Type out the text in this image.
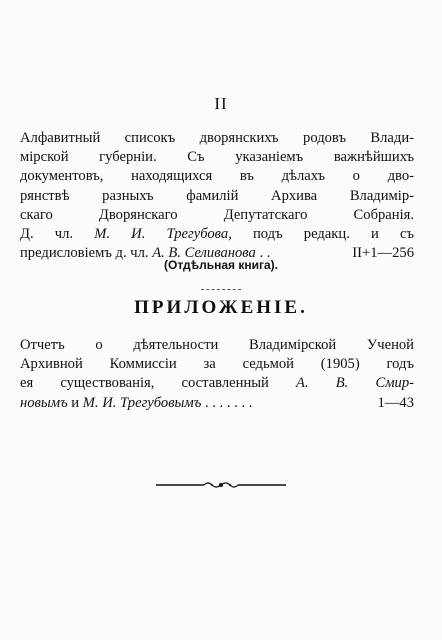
II
Алфавитный списокъ дворянскихъ родовъ Влади-
мірской губерніи. Съ указаніемъ важнѣйшихъ
документовъ, находящихся въ дѣлахъ о дво-
рянствѣ разныхъ фамилій Архива Владимір-
скаго Дворянскаго Депутатскаго Собранія.
Д. чл. М. И. Трегубова, подъ редакц. и съ
предисловіемъ д. чл. А. В. Селиванова . .	II+1—256
(Отдѣльная книга).
ПРИЛОЖЕНІЕ.
Отчетъ о дѣятельности Владимірской Ученой
Архивной Коммиссіи за седьмой (1905) годъ
ея существованія, составленный А. В. Смир-
новымъ и М. И. Трегубовымъ . . . . . . .	1—43
